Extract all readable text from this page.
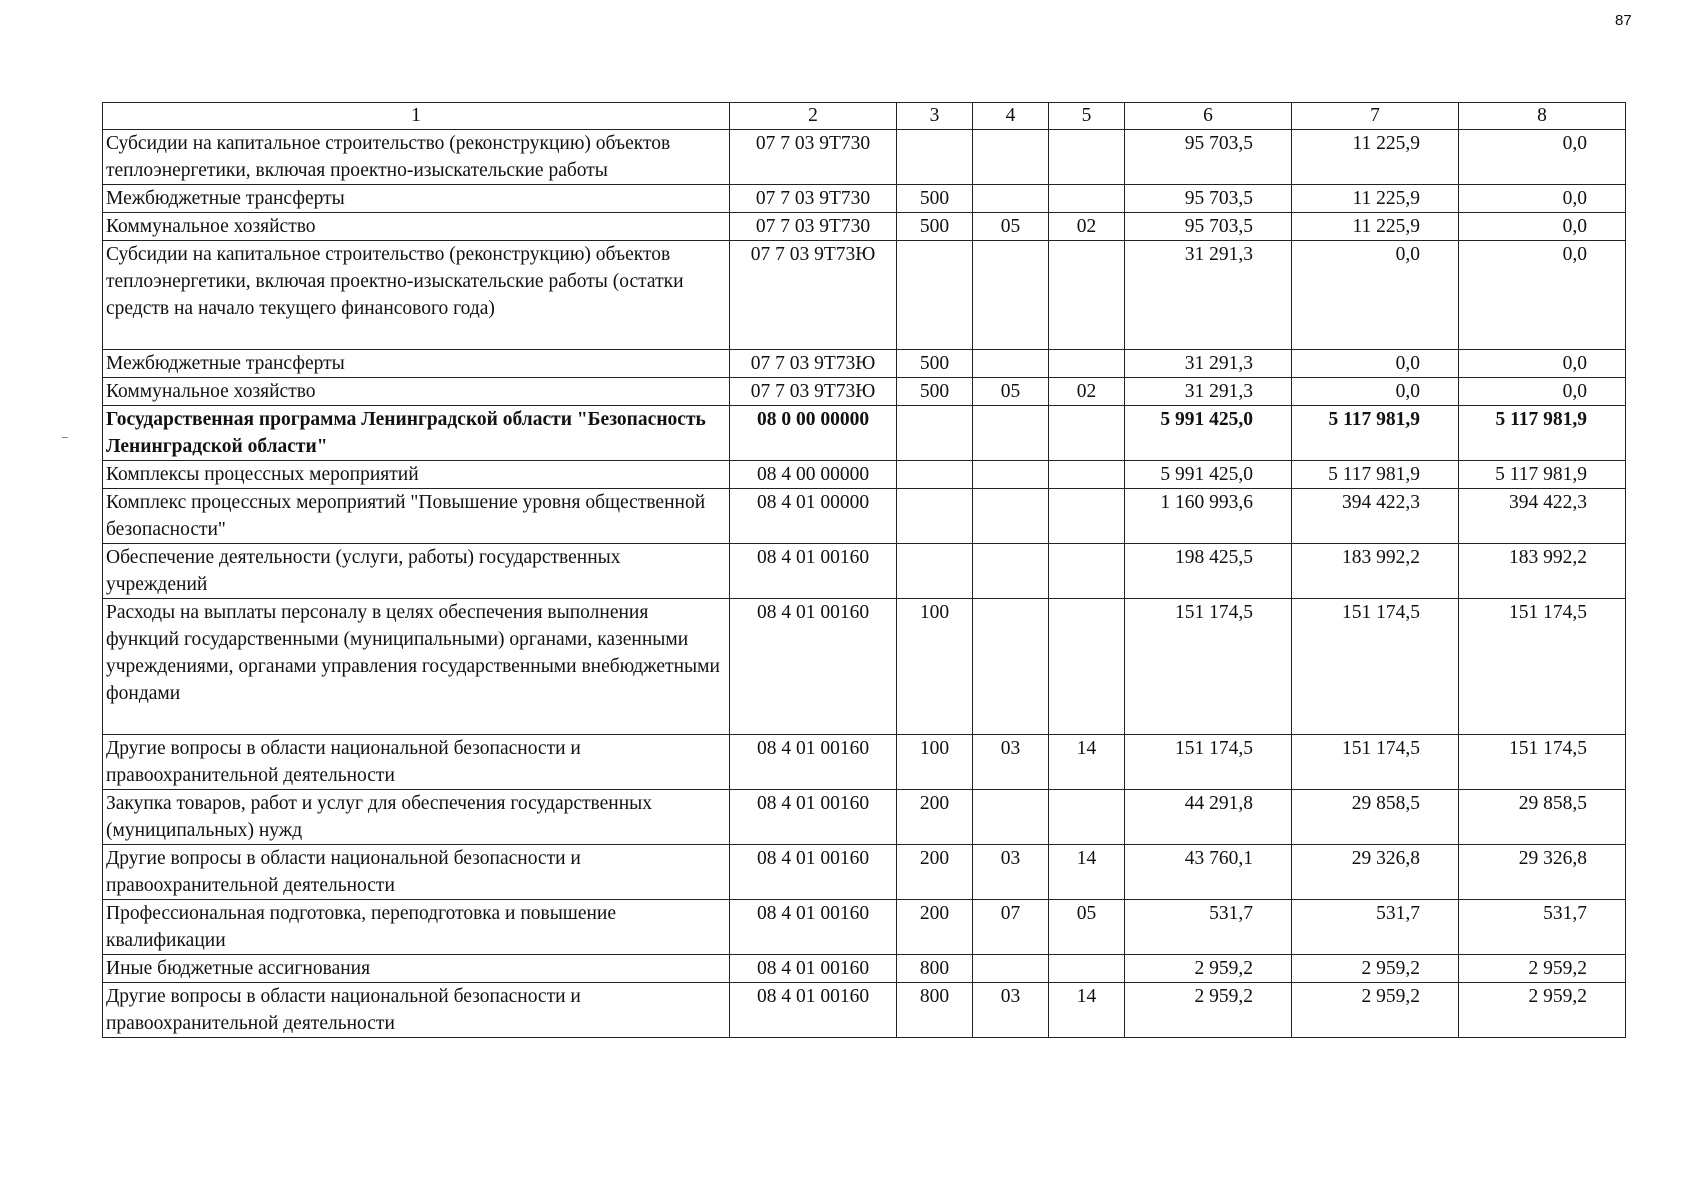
87
1	2	3	4	5	6	7	8
Субсидии на капитальное строительство (реконструкцию) объектов теплоэнергетики, включая проектно-изыскательские работы	07 7 03 9Т730				95 703,5	11 225,9	0,0
Межбюджетные трансферты	07 7 03 9Т730	500			95 703,5	11 225,9	0,0
Коммунальное хозяйство	07 7 03 9Т730	500	05	02	95 703,5	11 225,9	0,0
Субсидии на капитальное строительство (реконструкцию) объектов теплоэнергетики, включая проектно-изыскательские работы (остатки средств на начало текущего финансового года)	07 7 03 9Т73Ю				31 291,3	0,0	0,0
Межбюджетные трансферты	07 7 03 9Т73Ю	500			31 291,3	0,0	0,0
Коммунальное хозяйство	07 7 03 9Т73Ю	500	05	02	31 291,3	0,0	0,0
Государственная программа Ленинградской области "Безопасность Ленинградской области"	08 0 00 00000				5 991 425,0	5 117 981,9	5 117 981,9
Комплексы процессных мероприятий	08 4 00 00000				5 991 425,0	5 117 981,9	5 117 981,9
Комплекс процессных мероприятий "Повышение уровня общественной безопасности"	08 4 01 00000				1 160 993,6	394 422,3	394 422,3
Обеспечение деятельности (услуги, работы) государственных учреждений	08 4 01 00160				198 425,5	183 992,2	183 992,2
Расходы на выплаты персоналу в целях обеспечения выполнения функций государственными (муниципальными) органами, казенными учреждениями, органами управления государственными внебюджетными фондами	08 4 01 00160	100			151 174,5	151 174,5	151 174,5
Другие вопросы в области национальной безопасности и правоохранительной деятельности	08 4 01 00160	100	03	14	151 174,5	151 174,5	151 174,5
Закупка товаров, работ и услуг для обеспечения государственных (муниципальных) нужд	08 4 01 00160	200			44 291,8	29 858,5	29 858,5
Другие вопросы в области национальной безопасности и правоохранительной деятельности	08 4 01 00160	200	03	14	43 760,1	29 326,8	29 326,8
Профессиональная подготовка, переподготовка и повышение квалификации	08 4 01 00160	200	07	05	531,7	531,7	531,7
Иные бюджетные ассигнования	08 4 01 00160	800			2 959,2	2 959,2	2 959,2
Другие вопросы в области национальной безопасности и правоохранительной деятельности	08 4 01 00160	800	03	14	2 959,2	2 959,2	2 959,2
